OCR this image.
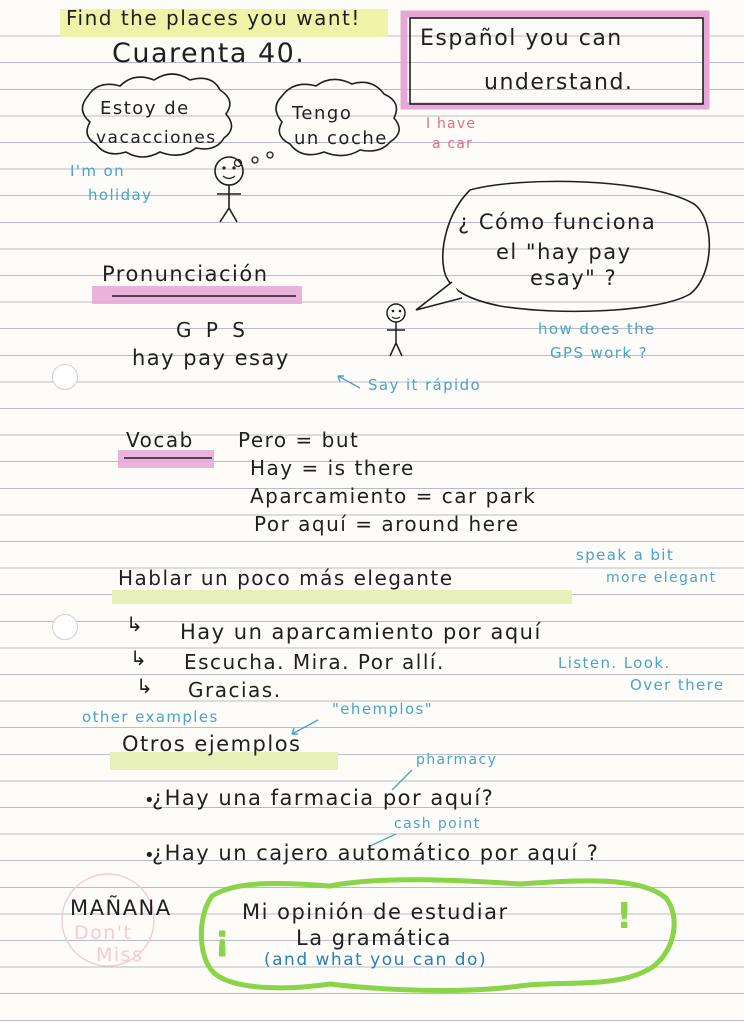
Find the places you want!
Cuarenta 40.	Español you can
understand.
Estoy de
vacacciones
I'm on
holiday
Tengo
un coche
I have
a car
¿ Cómo funciona
el "hay pay
esay" ?
how does the
GPS work ?
Pronunciación
G P S
hay pay esay
Say it rápido
Vocab Pero = but
Hay = is there
Aparcamiento = car park
Por aquí = around here
speak a bit
more elegant
Hablar un poco más elegante
↳ Hay un aparcamiento por aquí
↳ Escucha. Mira. Por allí.	Listen. Look.
↳ Gracias.	Over there
other examples	"ehemplos"
Otros ejemplos
pharmacy
•
¿Hay una farmacia por aquí?
cash point
•
¿Hay un cajero automático por aquí ?
Don't
Miss
MAÑANA	Mi opinión de estudiar
La gramática
(and what you can do)
¡
!
